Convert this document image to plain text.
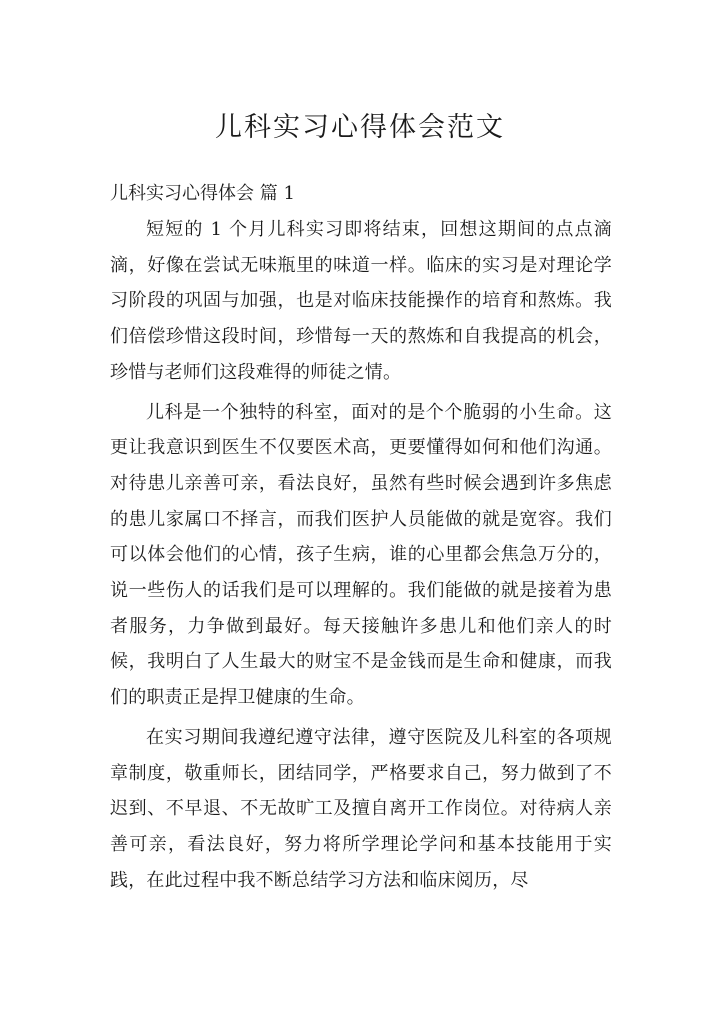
儿科实习心得体会范文
儿科实习心得体会 篇 1

短短的 1 个月儿科实习即将结束，回想这期间的点点滴滴，好像在尝试无味瓶里的味道一样。临床的实习是对理论学习阶段的巩固与加强，也是对临床技能操作的培育和熬炼。我们倍偿珍惜这段时间，珍惜每一天的熬炼和自我提高的机会，珍惜与老师们这段难得的师徒之情。

儿科是一个独特的科室，面对的是个个脆弱的小生命。这更让我意识到医生不仅要医术高，更要懂得如何和他们沟通。对待患儿亲善可亲，看法良好，虽然有些时候会遇到许多焦虑的患儿家属口不择言，而我们医护人员能做的就是宽容。我们可以体会他们的心情，孩子生病，谁的心里都会焦急万分的，说一些伤人的话我们是可以理解的。我们能做的就是接着为患者服务，力争做到最好。每天接触许多患儿和他们亲人的时候，我明白了人生最大的财宝不是金钱而是生命和健康，而我们的职责正是捍卫健康的生命。

在实习期间我遵纪遵守法律，遵守医院及儿科室的各项规章制度，敬重师长，团结同学，严格要求自己，努力做到了不迟到、不早退、不无故旷工及擅自离开工作岗位。对待病人亲善可亲，看法良好，努力将所学理论学问和基本技能用于实践，在此过程中我不断总结学习方法和临床阅历，尽
